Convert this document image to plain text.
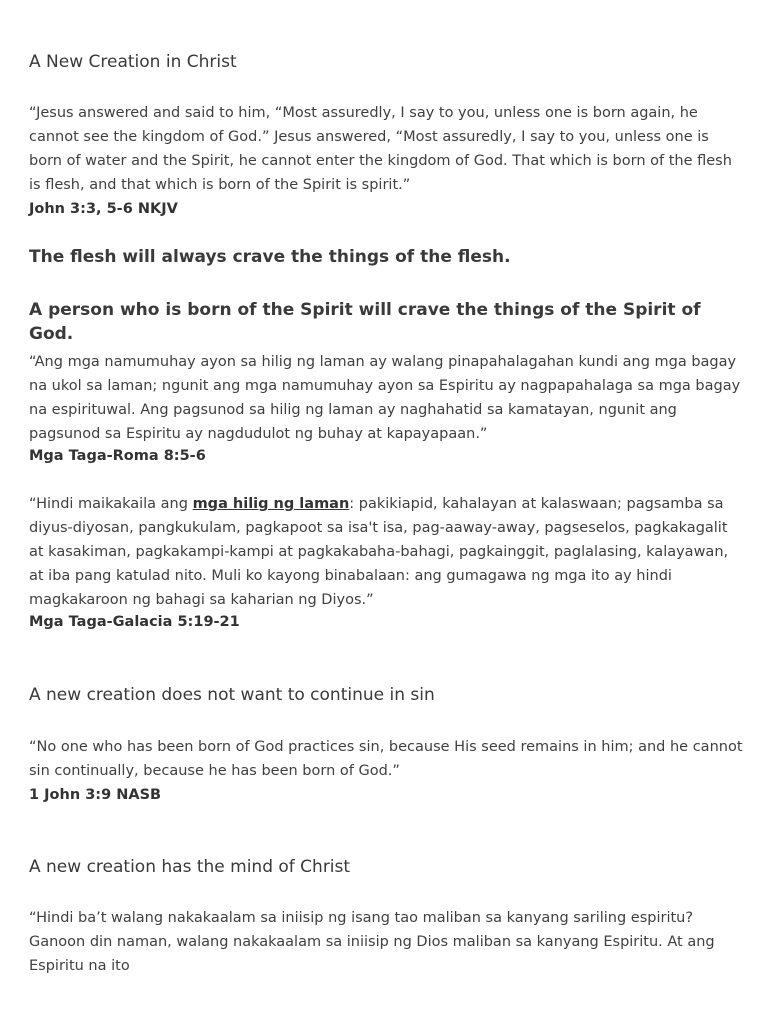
A New Creation in Christ

“Jesus answered and said to him, “Most assuredly, I say to you, unless one is born again, he cannot see the kingdom of God.” Jesus answered, “Most assuredly, I say to you, unless one is born of water and the Spirit, he cannot enter the kingdom of God. That which is born of the flesh is flesh, and that which is born of the Spirit is spirit.”

John 3:3, 5-6 NKJV

The flesh will always crave the things of the flesh.
A person who is born of the Spirit will crave the things of the Spirit of God.

“Ang mga namumuhay ayon sa hilig ng laman ay walang pinapahalagahan kundi ang mga bagay na ukol sa laman; ngunit ang mga namumuhay ayon sa Espiritu ay nagpapahalaga sa mga bagay na espirituwal. Ang pagsunod sa hilig ng laman ay naghahatid sa kamatayan, ngunit ang pagsunod sa Espiritu ay nagdudulot ng buhay at kapayapaan.”

Mga Taga-Roma 8:5-6

“Hindi maikakaila ang mga hilig ng laman: pakikiapid, kahalayan at kalaswaan; pagsamba sa diyus-diyosan, pangkukulam, pagkapoot sa isa't isa, pag-aaway-away, pagseselos, pagkakagalit at kasakiman, pagkakampi-kampi at pagkakabaha-bahagi, pagkainggit, paglalasing, kalayawan, at iba pang katulad nito. Muli ko kayong binabalaan: ang gumagawa ng mga ito ay hindi magkakaroon ng bahagi sa kaharian ng Diyos.”

Mga Taga-Galacia 5:19-21

A new creation does not want to continue in sin

“No one who has been born of God practices sin, because His seed remains in him; and he cannot sin continually, because he has been born of God.”

1 John 3:9 NASB

A new creation has the mind of Christ

“Hindi ba’t walang nakakaalam sa iniisip ng isang tao maliban sa kanyang sariling espiritu? Ganoon din naman, walang nakakaalam sa iniisip ng Dios maliban sa kanyang Espiritu. At ang Espiritu na ito
